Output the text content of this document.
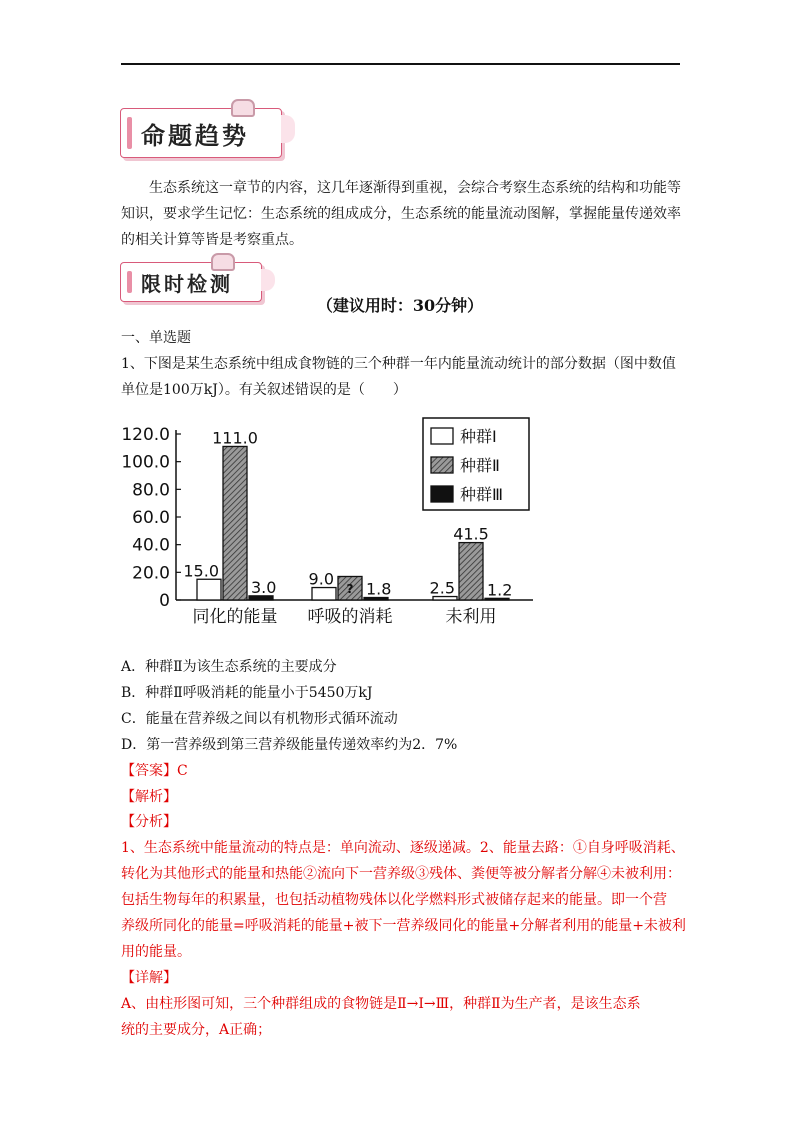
命题趋势
生态系统这一章节的内容，这几年逐渐得到重视，会综合考察生态系统的结构和功能等知识，要求学生记忆：生态系统的组成成分，生态系统的能量流动图解，掌握能量传递效率的相关计算等皆是考察重点。
限时检测
（建议用时：30分钟）
一、单选题
1、下图是某生态系统中组成食物链的三个种群一年内能量流动统计的部分数据（图中数值
单位是100万kJ）。有关叙述错误的是（　　）
0
20.0
40.0
60.0
80.0
100.0
120.0
同化的能量 呼吸的消耗	未利用
15.0
111.0
3.0 9.0
? 1.8 2.5
41.5
1.2
种群Ⅰ
种群Ⅱ
种群Ⅲ
A．种群Ⅱ为该生态系统的主要成分
B．种群Ⅱ呼吸消耗的能量小于5450万kJ
C．能量在营养级之间以有机物形式循环流动
D．第一营养级到第三营养级能量传递效率约为2．7%
【答案】C
【解析】
【分析】
1、生态系统中能量流动的特点是：单向流动、逐级递减。2、能量去路：①自身呼吸消耗、
转化为其他形式的能量和热能②流向下一营养级③残体、粪便等被分解者分解④未被利用：
包括生物每年的积累量，也包括动植物残体以化学燃料形式被储存起来的能量。即一个营
养级所同化的能量=呼吸消耗的能量+被下一营养级同化的能量+分解者利用的能量+未被利
用的能量。
【详解】
A、由柱形图可知，三个种群组成的食物链是Ⅱ→Ⅰ→Ⅲ，种群Ⅱ为生产者，是该生态系
统的主要成分，A正确；
